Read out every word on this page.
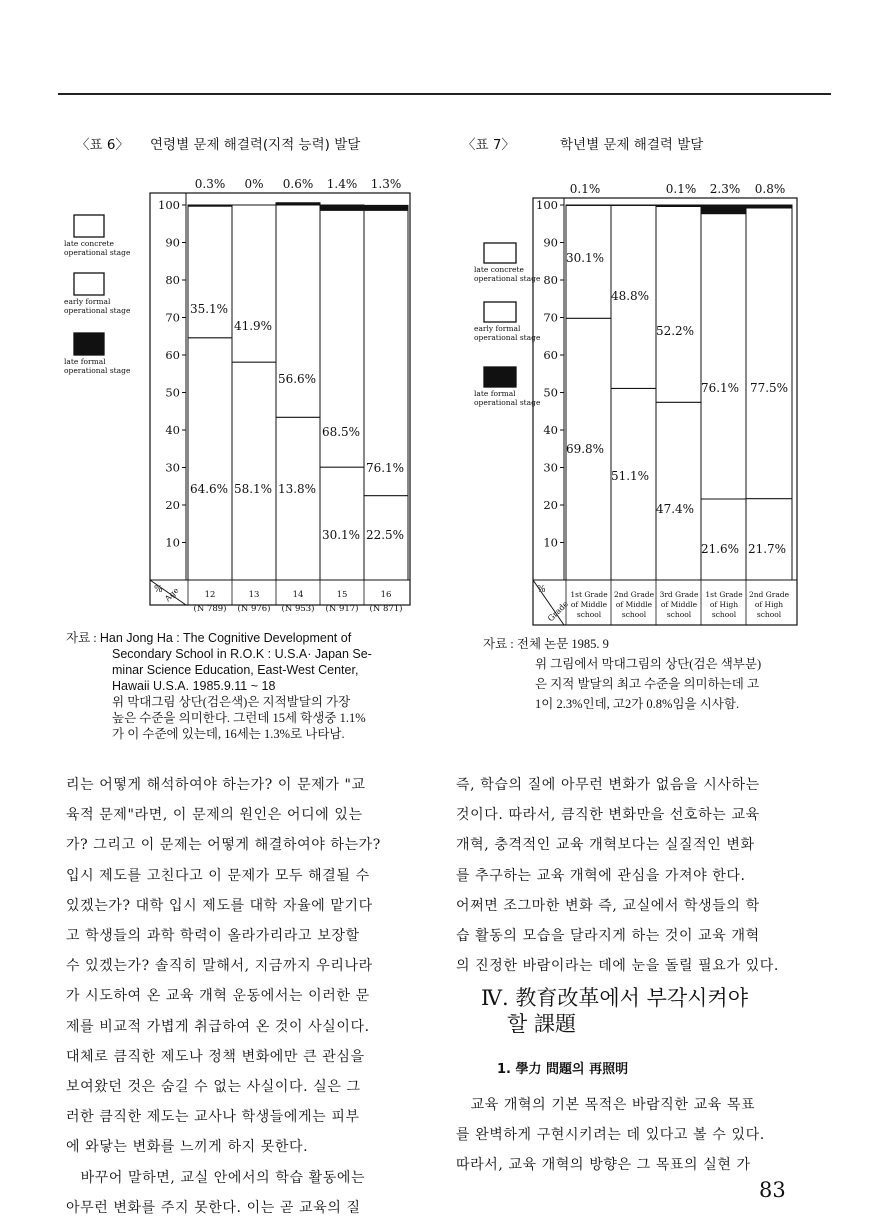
〈표 6〉 연령별 문제 해결력(지적 능력) 발달	〈표 7〉	학년별 문제 해결력 발달
10
20
30
40
50
60
70
80
90
100
% Age
64.6%
35.1%
0.3%
12
(N 789)
58.1%
41.9%
0%
13
(N 976)
13.8%
56.6%
0.6%
14
(N 953)
30.1%
68.5%
1.4%
15
(N 917)
22.5%
76.1%
1.3%
16
(N 871)
10
20
30
40
50
60
70
80
90
100
%
Grade
69.8%
30.1%
0.1%
1st Grade
of Middle
school
51.1%
48.8%
2nd Grade
of Middle
school
47.4%
52.2%
0.1%
3rd Grade
of Middle
school
21.6%
76.1%
2.3%
1st Grade
of High
school
21.7%
77.5%
0.8%
2nd Grade
of High
school
late concrete
operational stage
early formal
operational stage
late formal
operational stage
late concrete
operational stage
early formal
operational stage
late formal
operational stage
자료 : Han Jong Ha : The Cognitive Development of
Secondary School in R.O.K : U.S.A· Japan Se-
minar Science Education, East-West Center,
Hawaii U.S.A. 1985.9.11 ~ 18
위 막대그림 상단(검은색)은 지적발달의 가장
높은 수준을 의미한다. 그런데 15세 학생중 1.1%
가 이 수준에 있는데, 16세는 1.3%로 나타남.
자료 : 전체 논문 1985. 9
위 그림에서 막대그림의 상단(검은 색부분)
은 지적 발달의 최고 수준을 의미하는데 고
1이 2.3%인데, 고2가 0.8%임을 시사함.

리는 어떻게 해석하여야 하는가? 이 문제가 "교

육적 문제"라면, 이 문제의 원인은 어디에 있는

가? 그리고 이 문제는 어떻게 해결하여야 하는가?

입시 제도를 고친다고 이 문제가 모두 해결될 수

있겠는가? 대학 입시 제도를 대학 자율에 맡기다

고 학생들의 과학 학력이 올라가리라고 보장할

수 있겠는가? 솔직히 말해서, 지금까지 우리나라

가 시도하여 온 교육 개혁 운동에서는 이러한 문

제를 비교적 가볍게 취급하여 온 것이 사실이다.

대체로 큼직한 제도나 정책 변화에만 큰 관심을

보여왔던 것은 숨길 수 없는 사실이다. 실은 그

러한 큼직한 제도는 교사나 학생들에게는 피부

에 와닿는 변화를 느끼게 하지 못한다.

　바꾸어 말하면, 교실 안에서의 학습 활동에는

아무런 변화를 주지 못한다. 이는 곧 교육의 질

즉, 학습의 질에 아무런 변화가 없음을 시사하는

것이다. 따라서, 큼직한 변화만을 선호하는 교육

개혁, 충격적인 교육 개혁보다는 실질적인 변화

를 추구하는 교육 개혁에 관심을 가져야 한다.

어쩌면 조그마한 변화 즉, 교실에서 학생들의 학

습 활동의 모습을 달라지게 하는 것이 교육 개혁

의 진정한 바람이라는 데에 눈을 돌릴 필요가 있다.

Ⅳ. 教育改革에서 부각시켜야
할 課題
1. 學力 問題의 再照明

　교육 개혁의 기본 목적은 바람직한 교육 목표

를 완벽하게 구현시키려는 데 있다고 볼 수 있다.

따라서, 교육 개혁의 방향은 그 목표의 실현 가

83
